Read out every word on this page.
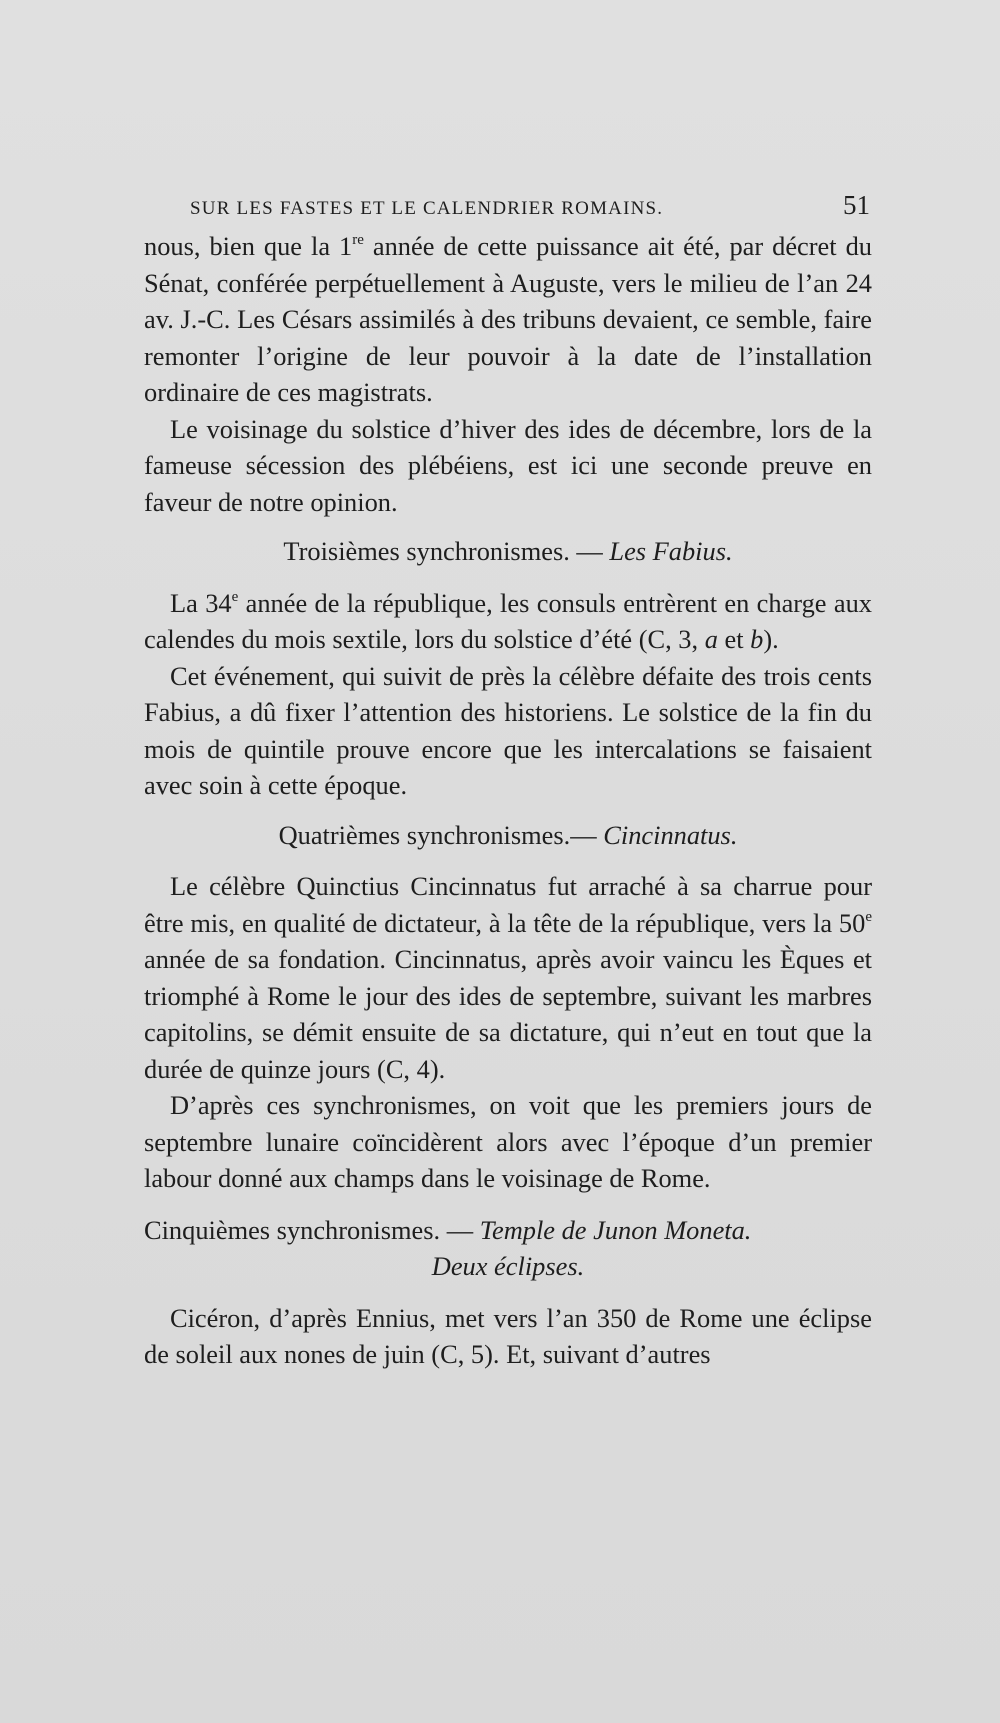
SUR LES FASTES ET LE CALENDRIER ROMAINS.	51

nous, bien que la 1re année de cette puissance ait été, par décret du Sénat, conférée perpétuellement à Auguste, vers le milieu de l’an 24 av. J.-C. Les Césars assimilés à des tribuns devaient, ce semble, faire remonter l’origine de leur pouvoir à la date de l’installation ordinaire de ces magistrats.

Le voisinage du solstice d’hiver des ides de décembre, lors de la fameuse sécession des plébéiens, est ici une seconde preuve en faveur de notre opinion.

Troisièmes synchronismes. — Les Fabius.

La 34e année de la république, les consuls entrèrent en charge aux calendes du mois sextile, lors du solstice d’été (C, 3, a et b).

Cet événement, qui suivit de près la célèbre défaite des trois cents Fabius, a dû fixer l’attention des historiens. Le solstice de la fin du mois de quintile prouve encore que les intercalations se faisaient avec soin à cette époque.

Quatrièmes synchronismes.— Cincinnatus.

Le célèbre Quinctius Cincinnatus fut arraché à sa charrue pour être mis, en qualité de dictateur, à la tête de la république, vers la 50e année de sa fondation. Cincinnatus, après avoir vaincu les Èques et triomphé à Rome le jour des ides de septembre, suivant les marbres capitolins, se démit ensuite de sa dictature, qui n’eut en tout que la durée de quinze jours (C, 4).

D’après ces synchronismes, on voit que les premiers jours de septembre lunaire coïncidèrent alors avec l’époque d’un premier labour donné aux champs dans le voisinage de Rome.

Cinquièmes synchronismes. — Temple de Junon Moneta.
Deux éclipses.

Cicéron, d’après Ennius, met vers l’an 350 de Rome une éclipse de soleil aux nones de juin (C, 5). Et, suivant d’autres
